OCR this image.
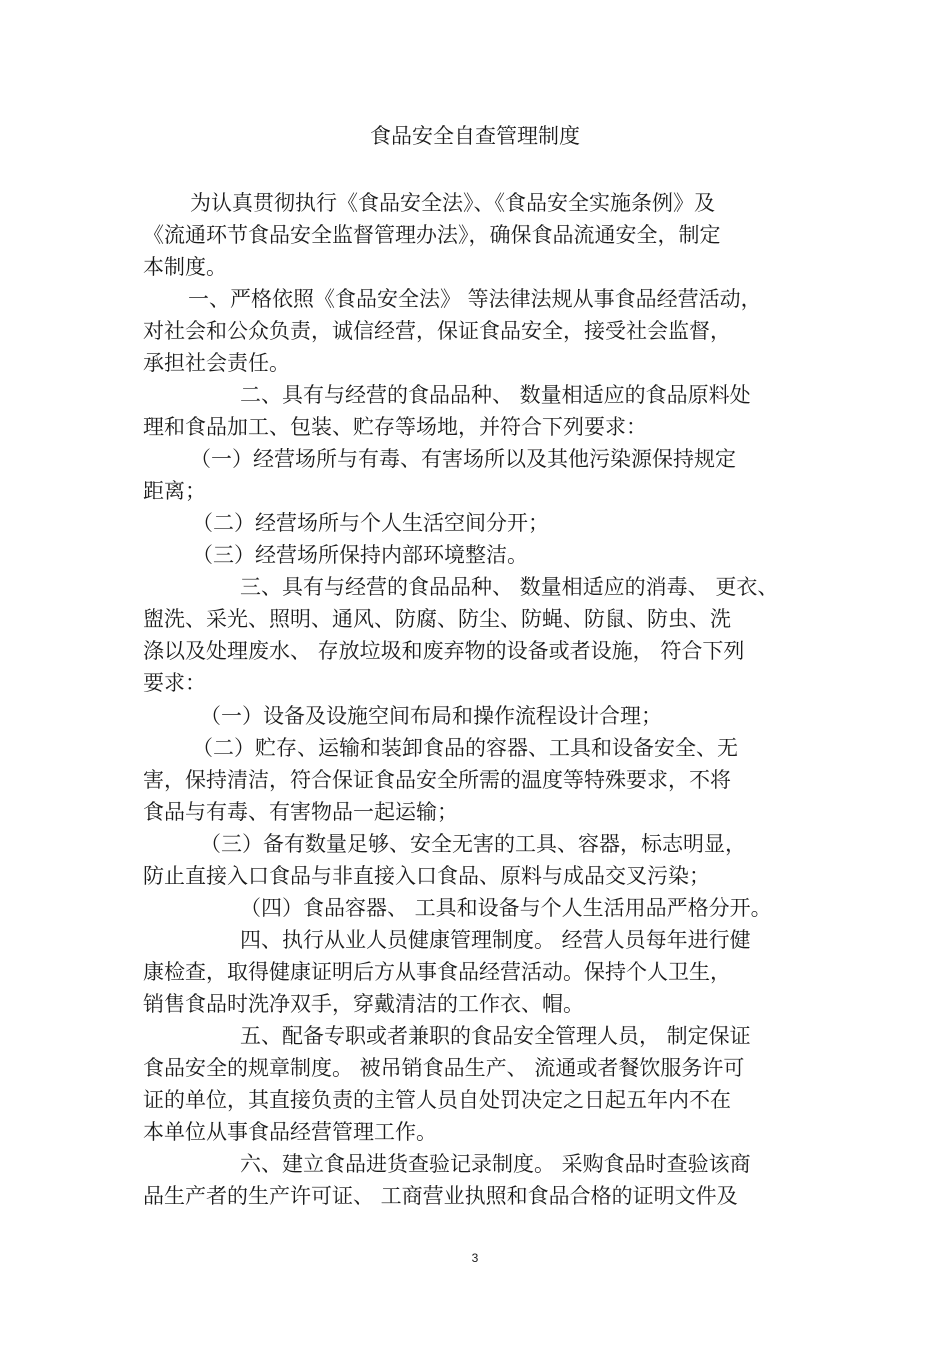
食品安全自查管理制度
为认真贯彻执行《食品安全法》、《食品安全实施条例》及
《流通环节食品安全监督管理办法》，确保食品流通安全，制定
本制度。
一、严格依照《食品安全法》 等法律法规从事食品经营活动，
对社会和公众负责，诚信经营，保证食品安全，接受社会监督，
承担社会责任。
二、具有与经营的食品品种、 数量相适应的食品原料处
理和食品加工、包装、贮存等场地，并符合下列要求：
（一）经营场所与有毒、有害场所以及其他污染源保持规定
距离；
（二）经营场所与个人生活空间分开；
（三）经营场所保持内部环境整洁。
三、具有与经营的食品品种、 数量相适应的消毒、 更衣、
盥洗、采光、照明、通风、防腐、防尘、防蝇、防鼠、防虫、洗
涤以及处理废水、 存放垃圾和废弃物的设备或者设施， 符合下列
要求：
（一）设备及设施空间布局和操作流程设计合理；
（二）贮存、运输和装卸食品的容器、工具和设备安全、无
害，保持清洁，符合保证食品安全所需的温度等特殊要求，不将
食品与有毒、有害物品一起运输；
（三）备有数量足够、安全无害的工具、容器，标志明显，
防止直接入口食品与非直接入口食品、原料与成品交叉污染；
（四）食品容器、 工具和设备与个人生活用品严格分开。
四、执行从业人员健康管理制度。 经营人员每年进行健
康检查，取得健康证明后方从事食品经营活动。保持个人卫生，
销售食品时洗净双手，穿戴清洁的工作衣、帽。
五、配备专职或者兼职的食品安全管理人员， 制定保证
食品安全的规章制度。 被吊销食品生产、 流通或者餐饮服务许可
证的单位，其直接负责的主管人员自处罚决定之日起五年内不在
本单位从事食品经营管理工作。
六、建立食品进货查验记录制度。 采购食品时查验该商
品生产者的生产许可证、 工商营业执照和食品合格的证明文件及
3
